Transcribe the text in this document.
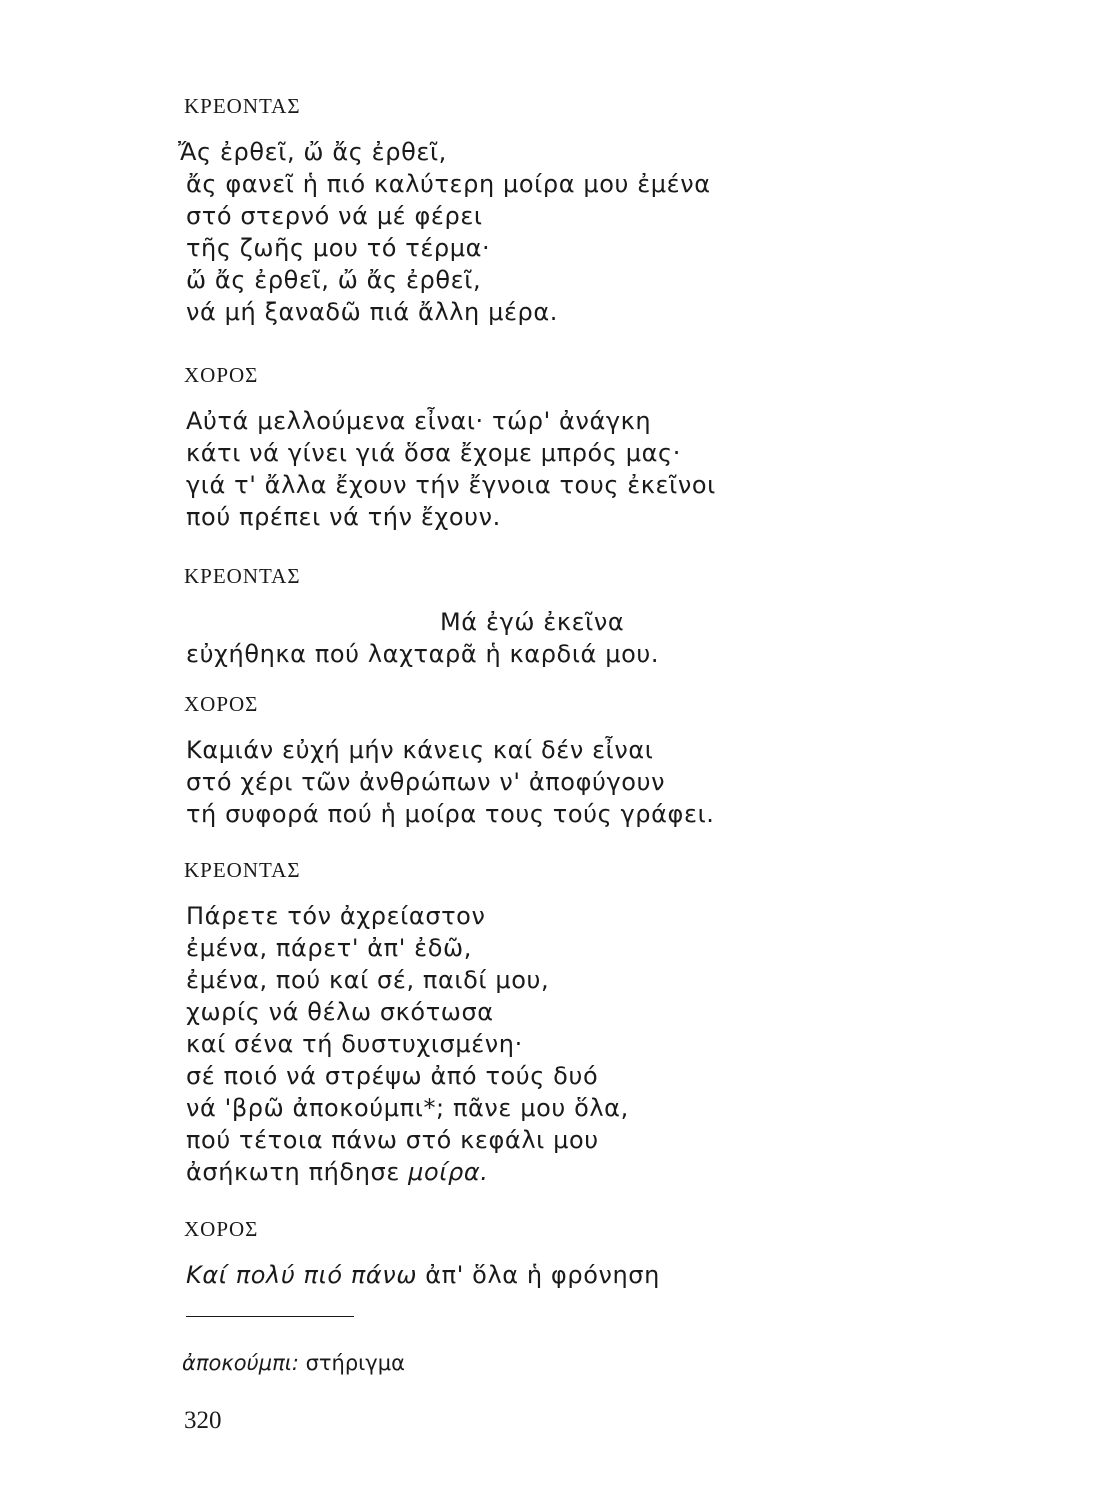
ΚΡΕΟΝΤΑΣ
Ἄς ἐρθεῖ, ὤ ἄς ἐρθεῖ,
ἄς φανεῖ ἡ πιό καλύτερη μοίρα μου ἐμένα
στό στερνό νά μέ φέρει
τῆς ζωῆς μου τό τέρμα·
ὤ ἄς ἐρθεῖ, ὤ ἄς ἐρθεῖ,
νά μή ξαναδῶ πιά ἄλλη μέρα.
ΧΟΡΟΣ
Αὐτά μελλούμενα εἶναι· τώρ' ἀνάγκη
κάτι νά γίνει γιά ὅσα ἔχομε μπρός μας·
γιά τ' ἄλλα ἔχουν τήν ἔγνοια τους ἐκεῖνοι
πού πρέπει νά τήν ἔχουν.
ΚΡΕΟΝΤΑΣ
Μά ἐγώ ἐκεῖνα
εὐχήθηκα πού λαχταρᾶ ἡ καρδιά μου.
ΧΟΡΟΣ
Καμιάν εὐχή μήν κάνεις καί δέν εἶναι
στό χέρι τῶν ἀνθρώπων ν' ἀποφύγουν
τή συφορά πού ἡ μοίρα τους τούς γράφει.
ΚΡΕΟΝΤΑΣ
Πάρετε τόν ἀχρείαστον
ἐμένα, πάρετ' ἀπ' ἐδῶ,
ἐμένα, πού καί σέ, παιδί μου,
χωρίς νά θέλω σκότωσα
καί σένα τή δυστυχισμένη·
σέ ποιό νά στρέψω ἀπό τούς δυό
νά 'βρῶ ἀποκούμπι*; πᾶνε μου ὅλα,
πού τέτοια πάνω στό κεφάλι μου
ἀσήκωτη πήδησε μοίρα.
ΧΟΡΟΣ
Καί πολύ πιό πάνω ἀπ' ὅλα ἡ φρόνηση
ἀποκούμπι: στήριγμα
320
